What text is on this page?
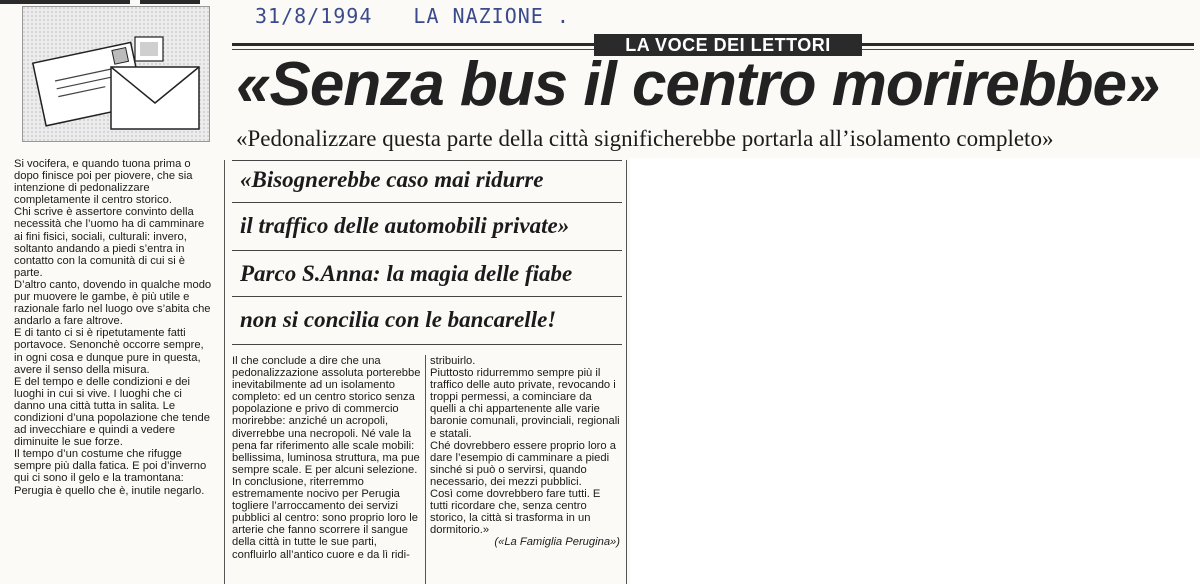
31/8/1994 LA NAZIONE .
LA VOCE DEI LETTORI
«Senza bus il centro morirebbe»
«Pedonalizzare questa parte della città significherebbe portarla all’isolamento completo»

Si vocifera, e quando tuona prima o dopo finisce poi per piovere, che sia intenzione di pedonalizzare completamente il centro storico.

Chi scrive è assertore convinto della necessità che l’uomo ha di camminare ai fini fisici, sociali, culturali: invero, soltanto andando a piedi s’entra in contatto con la comunità di cui si è parte.

D’altro canto, dovendo in qualche modo pur muovere le gambe, è più utile e razionale farlo nel luogo ove s’abita che andarlo a fare altrove.

E di tanto ci si è ripetutamente fatti portavoce. Senonchè occorre sempre, in ogni cosa e dunque pure in questa, avere il senso della misura.

E del tempo e delle condizioni e dei luoghi in cui si vive. I luoghi che ci danno una città tutta in salita. Le condizioni d’una popolazione che tende ad invecchiare e quindi a vedere diminuite le sue forze.

Il tempo d’un costume che rifugge sempre più dalla fatica. E poi d’inverno qui ci sono il gelo e la tramontana: Perugia è quello che è, inutile negarlo.

«Bisognerebbe caso mai ridurre
il traffico delle automobili private»
Parco S.Anna: la magia delle fiabe
non si concilia con le bancarelle!

Il che conclude a dire che una pedonalizzazione assoluta porterebbe inevitabilmente ad un isolamento completo: ed un centro storico senza popolazione e privo di commercio morirebbe: anziché un acropoli, diverrebbe una necropoli. Né vale la pena far riferimento alle scale mobili: bellissima, luminosa struttura, ma pue sempre scale. E per alcuni selezione. In conclusione, riterremmo estremamente nocivo per Perugia togliere l’arroccamento dei servizi pubblici al centro: sono proprio loro le arterie che fanno scorrere il sangue della città in tutte le sue parti, confluirlo all’antico cuore e da lì ridi-

stribuirlo.

Piuttosto ridurremmo sempre più il traffico delle auto private, revocando i troppi permessi, a cominciare da quelli a chi appartenente alle varie baronie comunali, provinciali, regionali e statali.

Ché dovrebbero essere proprio loro a dare l’esempio di camminare a piedi sinché si può o servirsi, quando necessario, dei mezzi pubblici.

Così come dovrebbero fare tutti. E tutti ricordare che, senza centro storico, la città si trasforma in un dormitorio.»

(«La Famiglia Perugina»)
